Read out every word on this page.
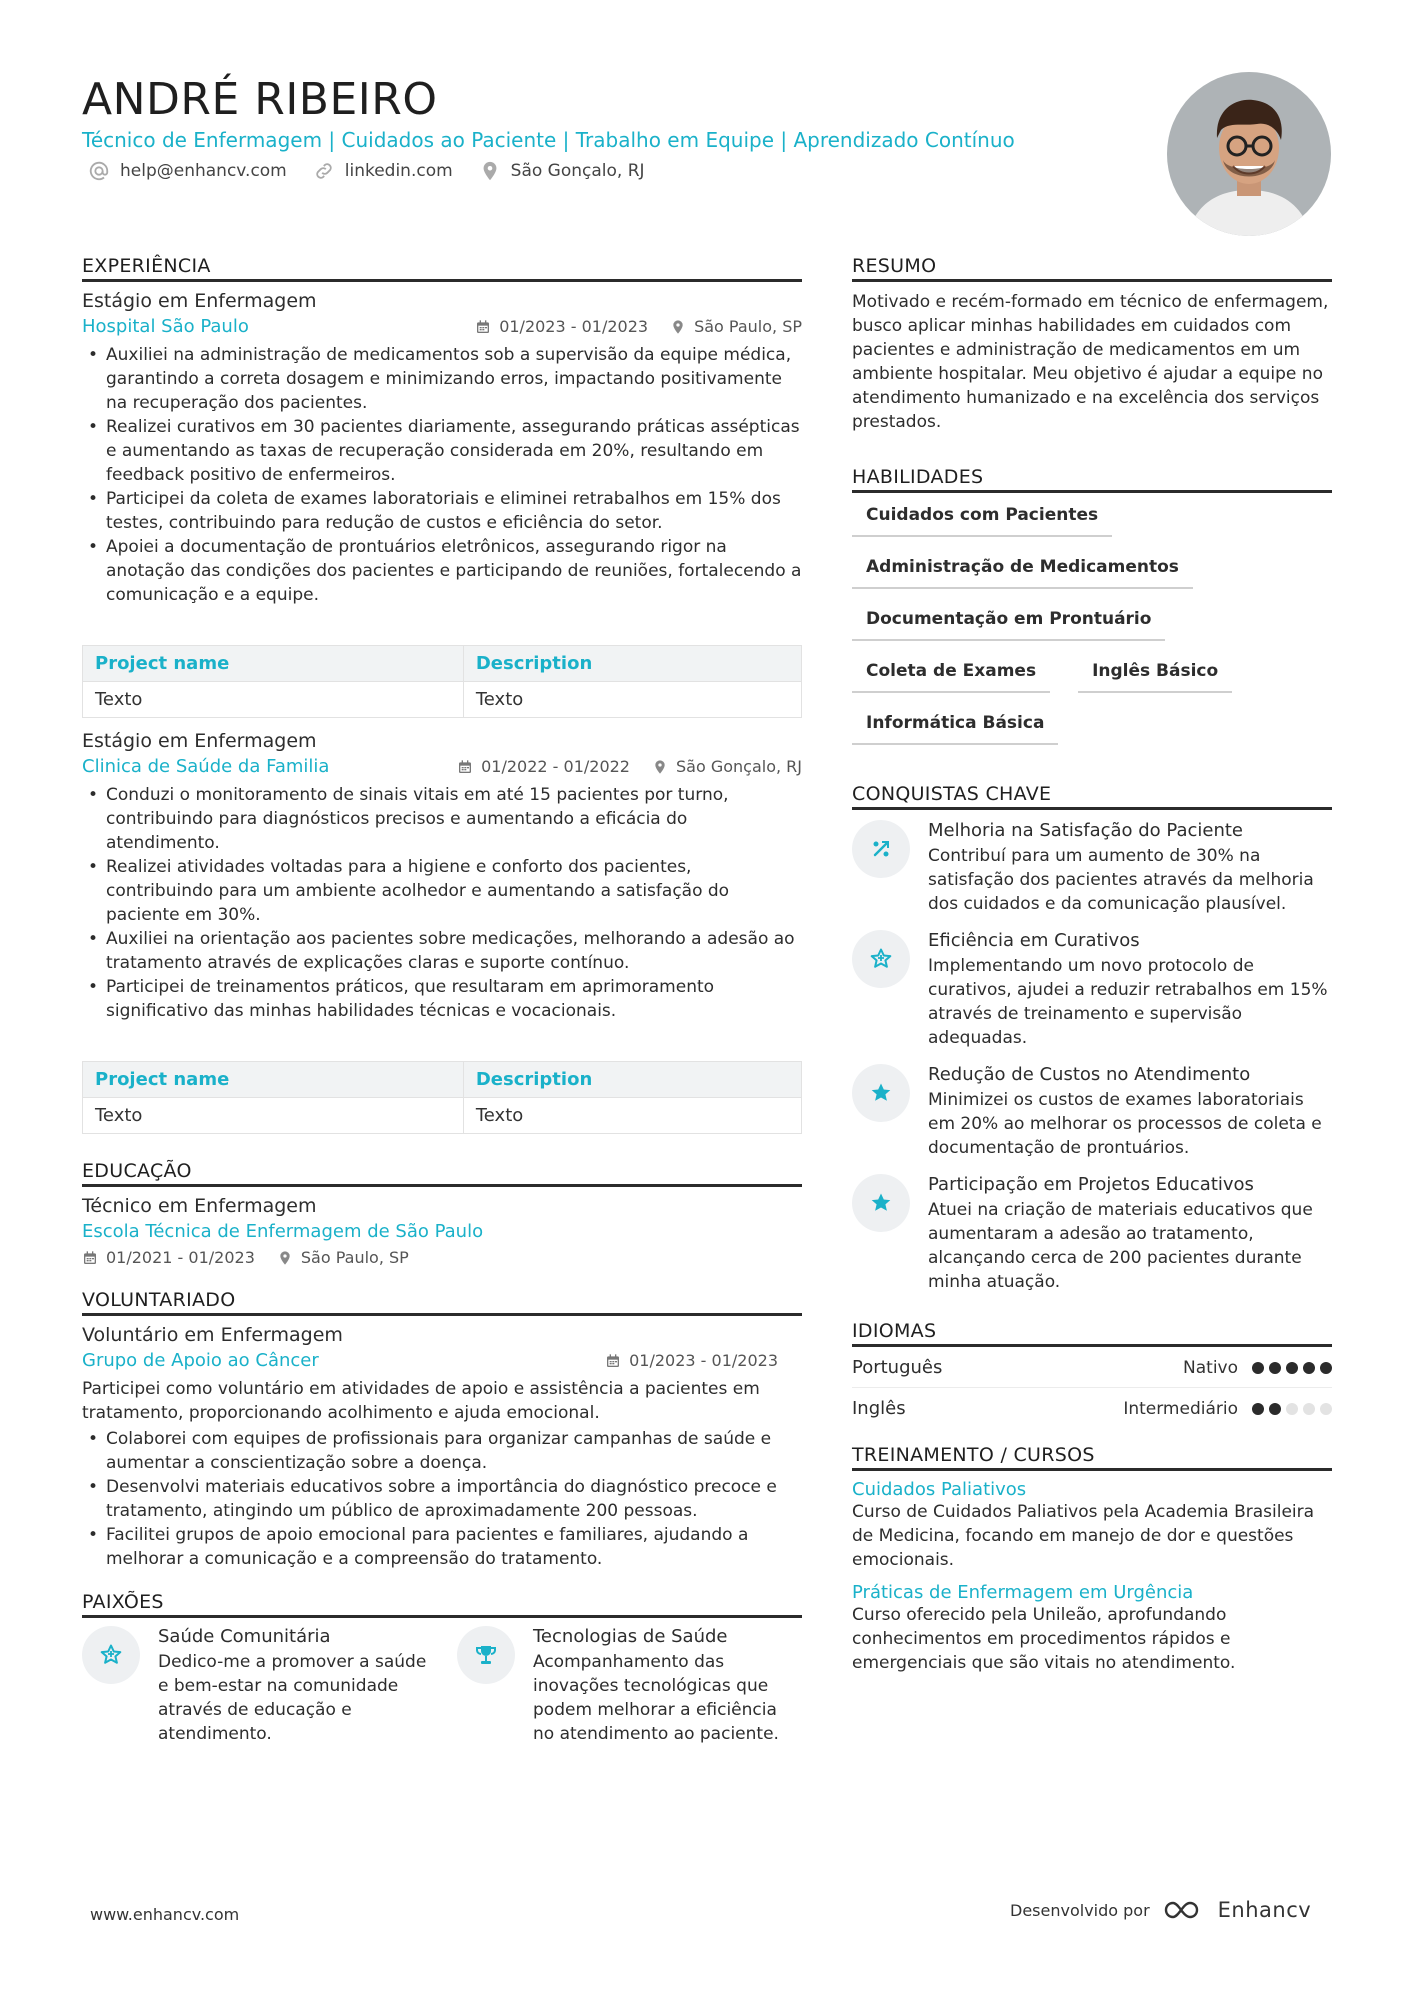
ANDRÉ RIBEIRO
Técnico de Enfermagem | Cuidados ao Paciente | Trabalho em Equipe | Aprendizado Contínuo
help@enhancv.com	linkedin.com	São Gonçalo, RJ
EXPERIÊNCIA
Estágio em Enfermagem
Hospital São Paulo	01/2023 - 01/2023	São Paulo, SP
• Auxiliei na administração de medicamentos sob a supervisão da equipe médica, garantindo a correta dosagem e minimizando erros, impactando positivamente na recuperação dos pacientes.
• Realizei curativos em 30 pacientes diariamente, assegurando práticas assépticas e aumentando as taxas de recuperação considerada em 20%, resultando em feedback positivo de enfermeiros.
• Participei da coleta de exames laboratoriais e eliminei retrabalhos em 15% dos testes, contribuindo para redução de custos e eficiência do setor.
• Apoiei a documentação de prontuários eletrônicos, assegurando rigor na anotação das condições dos pacientes e participando de reuniões, fortalecendo a comunicação e a equipe.
Project name	Description
Texto	Texto
Estágio em Enfermagem
Clinica de Saúde da Familia	01/2022 - 01/2022	São Gonçalo, RJ
• Conduzi o monitoramento de sinais vitais em até 15 pacientes por turno, contribuindo para diagnósticos precisos e aumentando a eficácia do atendimento.
• Realizei atividades voltadas para a higiene e conforto dos pacientes, contribuindo para um ambiente acolhedor e aumentando a satisfação do paciente em 30%.
• Auxiliei na orientação aos pacientes sobre medicações, melhorando a adesão ao tratamento através de explicações claras e suporte contínuo.
• Participei de treinamentos práticos, que resultaram em aprimoramento significativo das minhas habilidades técnicas e vocacionais.
Project name	Description
Texto	Texto
EDUCAÇÃO
Técnico em Enfermagem
Escola Técnica de Enfermagem de São Paulo
01/2021 - 01/2023	São Paulo, SP
VOLUNTARIADO
Voluntário em Enfermagem
Grupo de Apoio ao Câncer	01/2023 - 01/2023
Participei como voluntário em atividades de apoio e assistência a pacientes em tratamento, proporcionando acolhimento e ajuda emocional.
• Colaborei com equipes de profissionais para organizar campanhas de saúde e aumentar a conscientização sobre a doença.
• Desenvolvi materiais educativos sobre a importância do diagnóstico precoce e tratamento, atingindo um público de aproximadamente 200 pessoas.
• Facilitei grupos de apoio emocional para pacientes e familiares, ajudando a melhorar a comunicação e a compreensão do tratamento.
PAIXÕES
Saúde Comunitária
Dedico-me a promover a saúde e bem-estar na comunidade através de educação e atendimento.
Tecnologias de Saúde
Acompanhamento das inovações tecnológicas que podem melhorar a eficiência no atendimento ao paciente.
RESUMO
Motivado e recém-formado em técnico de enfermagem, busco aplicar minhas habilidades em cuidados com pacientes e administração de medicamentos em um ambiente hospitalar. Meu objetivo é ajudar a equipe no atendimento humanizado e na excelência dos serviços prestados.
HABILIDADES
Cuidados com Pacientes
Administração de Medicamentos
Documentação em Prontuário
Coleta de Exames	Inglês Básico
Informática Básica
CONQUISTAS CHAVE
Melhoria na Satisfação do Paciente
Contribuí para um aumento de 30% na satisfação dos pacientes através da melhoria dos cuidados e da comunicação plausível.
Eficiência em Curativos
Implementando um novo protocolo de curativos, ajudei a reduzir retrabalhos em 15% através de treinamento e supervisão adequadas.
Redução de Custos no Atendimento
Minimizei os custos de exames laboratoriais em 20% ao melhorar os processos de coleta e documentação de prontuários.
Participação em Projetos Educativos
Atuei na criação de materiais educativos que aumentaram a adesão ao tratamento, alcançando cerca de 200 pacientes durante minha atuação.
IDIOMAS
Português	Nativo
Inglês	Intermediário
TREINAMENTO / CURSOS
Cuidados Paliativos
Curso de Cuidados Paliativos pela Academia Brasileira de Medicina, focando em manejo de dor e questões emocionais.
Práticas de Enfermagem em Urgência
Curso oferecido pela Unileão, aprofundando conhecimentos em procedimentos rápidos e emergenciais que são vitais no atendimento.
www.enhancv.com	Desenvolvido por	Enhancv
